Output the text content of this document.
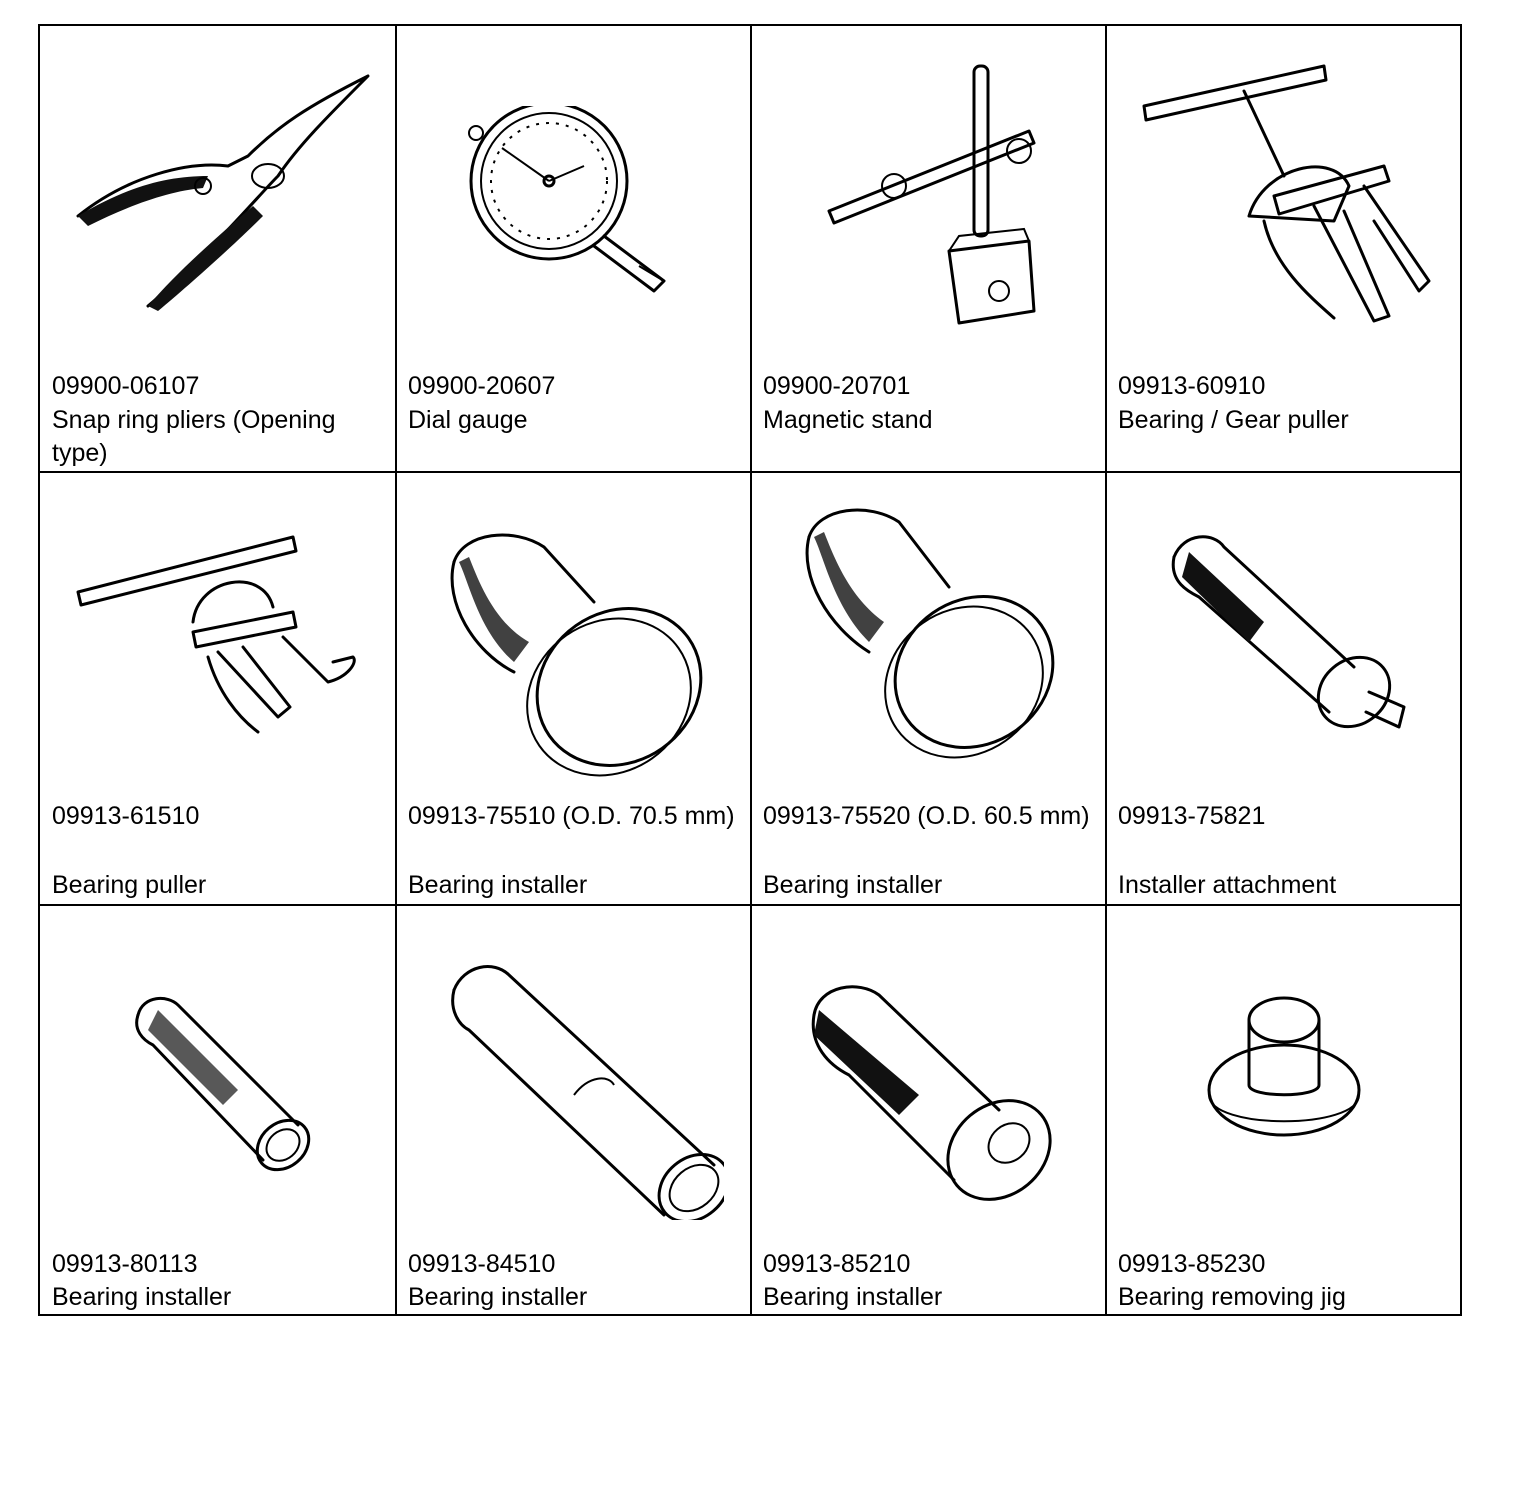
09900-06107
Snap ring pliers (Opening type)
09900-20607
Dial gauge
09900-20701
Magnetic stand
09913-60910
Bearing / Gear puller
09913-61510
Bearing puller
09913-75510 (O.D. 70.5 mm)
Bearing installer
09913-75520 (O.D. 60.5 mm)
Bearing installer
09913-75821
Installer attachment
09913-80113
Bearing installer
09913-84510
Bearing installer
09913-85210
Bearing installer
09913-85230
Bearing removing jig
